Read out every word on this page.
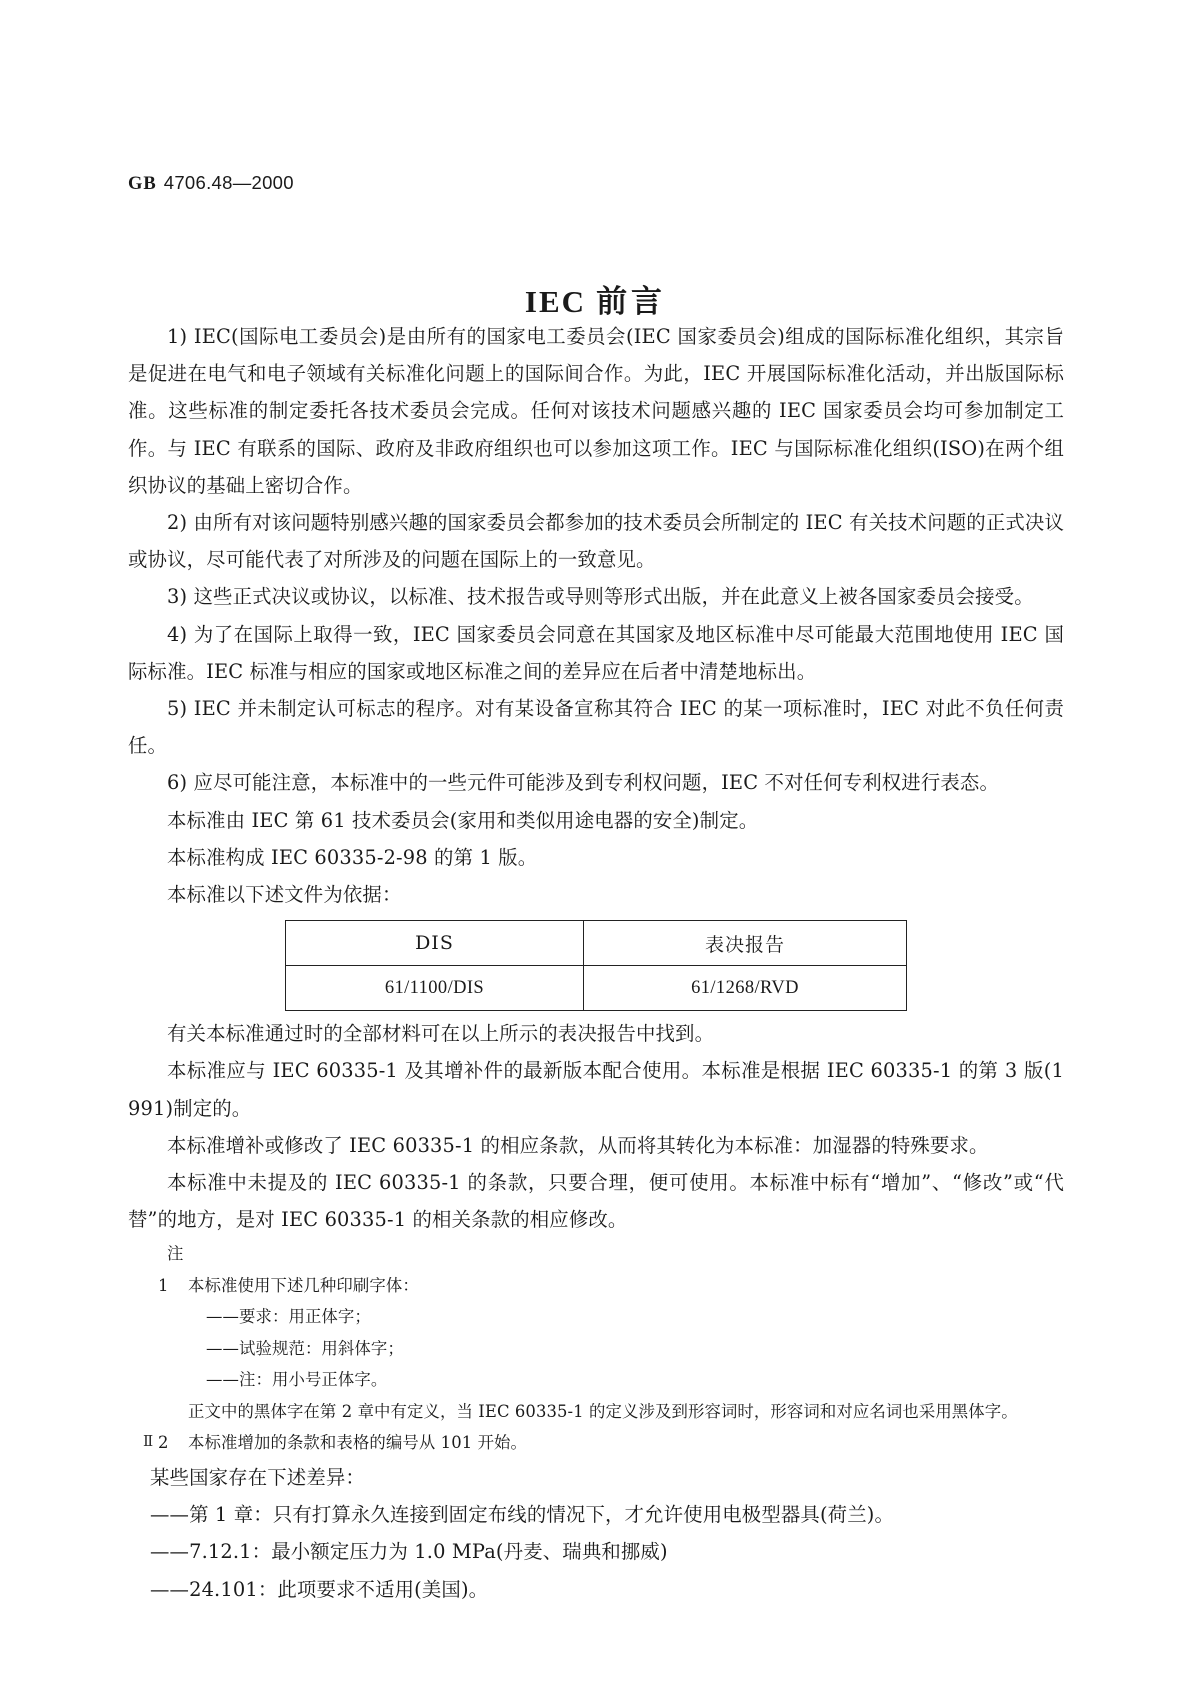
GB 4706.48—2000
IEC 前言

1) IEC(国际电工委员会)是由所有的国家电工委员会(IEC 国家委员会)组成的国际标准化组织，其宗旨是促进在电气和电子领域有关标准化问题上的国际间合作。为此，IEC 开展国际标准化活动，并出版国际标准。这些标准的制定委托各技术委员会完成。任何对该技术问题感兴趣的 IEC 国家委员会均可参加制定工作。与 IEC 有联系的国际、政府及非政府组织也可以参加这项工作。IEC 与国际标准化组织(ISO)在两个组织协议的基础上密切合作。

2) 由所有对该问题特别感兴趣的国家委员会都参加的技术委员会所制定的 IEC 有关技术问题的正式决议或协议，尽可能代表了对所涉及的问题在国际上的一致意见。

3) 这些正式决议或协议，以标准、技术报告或导则等形式出版，并在此意义上被各国家委员会接受。

4) 为了在国际上取得一致，IEC 国家委员会同意在其国家及地区标准中尽可能最大范围地使用 IEC 国际标准。IEC 标准与相应的国家或地区标准之间的差异应在后者中清楚地标出。

5) IEC 并未制定认可标志的程序。对有某设备宣称其符合 IEC 的某一项标准时，IEC 对此不负任何责任。

6) 应尽可能注意，本标准中的一些元件可能涉及到专利权问题，IEC 不对任何专利权进行表态。

本标准由 IEC 第 61 技术委员会(家用和类似用途电器的安全)制定。

本标准构成 IEC 60335-2-98 的第 1 版。

本标准以下述文件为依据：

DIS	表决报告
61/1100/DIS	61/1268/RVD

有关本标准通过时的全部材料可在以上所示的表决报告中找到。

本标准应与 IEC 60335-1 及其增补件的最新版本配合使用。本标准是根据 IEC 60335-1 的第 3 版(1991)制定的。

本标准增补或修改了 IEC 60335-1 的相应条款，从而将其转化为本标准：加湿器的特殊要求。

本标准中未提及的 IEC 60335-1 的条款，只要合理，便可使用。本标准中标有“增加”、“修改”或“代替”的地方，是对 IEC 60335-1 的相关条款的相应修改。

注

1 本标准使用下述几种印刷字体：

——要求：用正体字；

——试验规范：用斜体字；

——注：用小号正体字。

正文中的黑体字在第 2 章中有定义，当 IEC 60335-1 的定义涉及到形容词时，形容词和对应名词也采用黑体字。

2 本标准增加的条款和表格的编号从 101 开始。

某些国家存在下述差异：

——第 1 章：只有打算永久连接到固定布线的情况下，才允许使用电极型器具(荷兰)。

——7.12.1：最小额定压力为 1.0 MPa(丹麦、瑞典和挪威)

——24.101：此项要求不适用(美国)。

Ⅱ
